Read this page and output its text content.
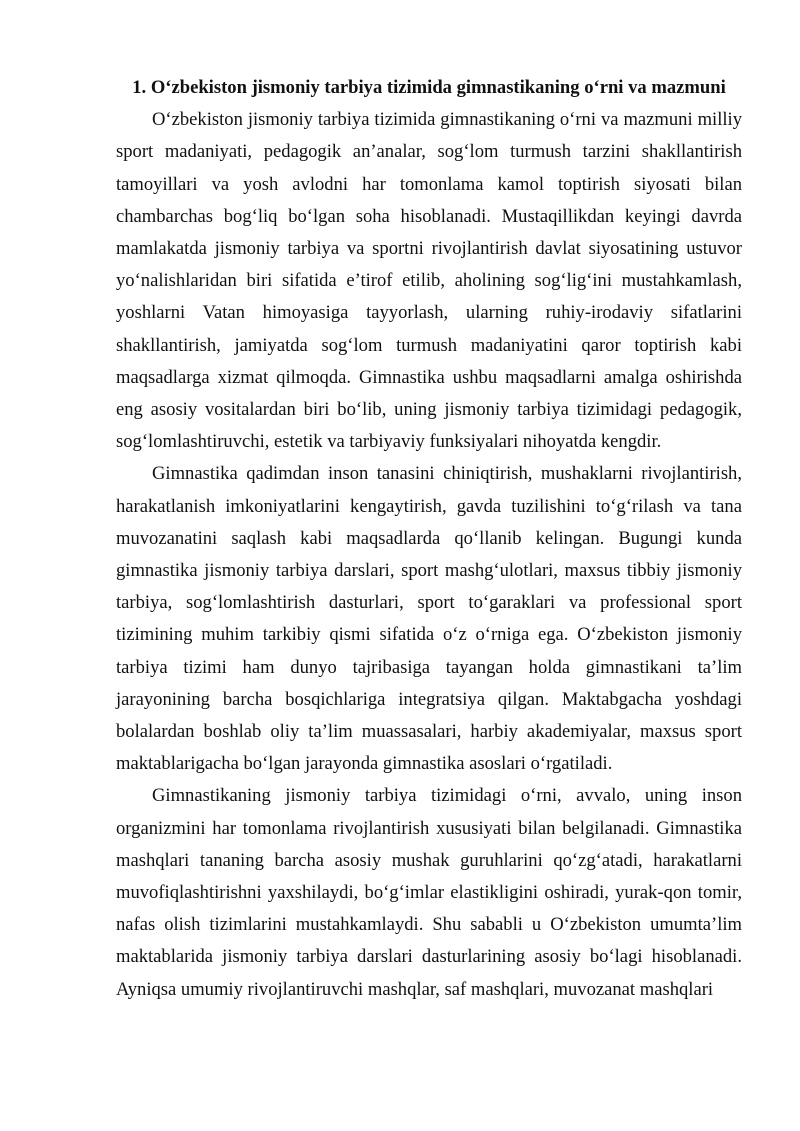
1. O‘zbekiston jismoniy tarbiya tizimida gimnastikaning o‘rni va mazmuni

O‘zbekiston jismoniy tarbiya tizimida gimnastikaning o‘rni va mazmuni milliy sport madaniyati, pedagogik an’analar, sog‘lom turmush tarzini shakllantirish tamoyillari va yosh avlodni har tomonlama kamol toptirish siyosati bilan chambarchas bog‘liq bo‘lgan soha hisoblanadi. Mustaqillikdan keyingi davrda mamlakatda jismoniy tarbiya va sportni rivojlantirish davlat siyosatining ustuvor yo‘nalishlaridan biri sifatida e’tirof etilib, aholining sog‘lig‘ini mustahkamlash, yoshlarni Vatan himoyasiga tayyorlash, ularning ruhiy-irodaviy sifatlarini shakllantirish, jamiyatda sog‘lom turmush madaniyatini qaror toptirish kabi maqsadlarga xizmat qilmoqda. Gimnastika ushbu maqsadlarni amalga oshirishda eng asosiy vositalardan biri bo‘lib, uning jismoniy tarbiya tizimidagi pedagogik, sog‘lomlashtiruvchi, estetik va tarbiyaviy funksiyalari nihoyatda kengdir.

Gimnastika qadimdan inson tanasini chiniqtirish, mushaklarni rivojlantirish, harakatlanish imkoniyatlarini kengaytirish, gavda tuzilishini to‘g‘rilash va tana muvozanatini saqlash kabi maqsadlarda qo‘llanib kelingan. Bugungi kunda gimnastika jismoniy tarbiya darslari, sport mashg‘ulotlari, maxsus tibbiy jismoniy tarbiya, sog‘lomlashtirish dasturlari, sport to‘garaklari va professional sport tizimining muhim tarkibiy qismi sifatida o‘z o‘rniga ega. O‘zbekiston jismoniy tarbiya tizimi ham dunyo tajribasiga tayangan holda gimnastikani ta’lim jarayonining barcha bosqichlariga integratsiya qilgan. Maktabgacha yoshdagi bolalardan boshlab oliy ta’lim muassasalari, harbiy akademiyalar, maxsus sport maktablarigacha bo‘lgan jarayonda gimnastika asoslari o‘rgatiladi.

Gimnastikaning jismoniy tarbiya tizimidagi o‘rni, avvalo, uning inson organizmini har tomonlama rivojlantirish xususiyati bilan belgilanadi. Gimnastika mashqlari tananing barcha asosiy mushak guruhlarini qo‘zg‘atadi, harakatlarni muvofiqlashtirishni yaxshilaydi, bo‘g‘imlar elastikligini oshiradi, yurak-qon tomir, nafas olish tizimlarini mustahkamlaydi. Shu sababli u O‘zbekiston umumta’lim maktablarida jismoniy tarbiya darslari dasturlarining asosiy bo‘lagi hisoblanadi. Ayniqsa umumiy rivojlantiruvchi mashqlar, saf mashqlari, muvozanat mashqlari
